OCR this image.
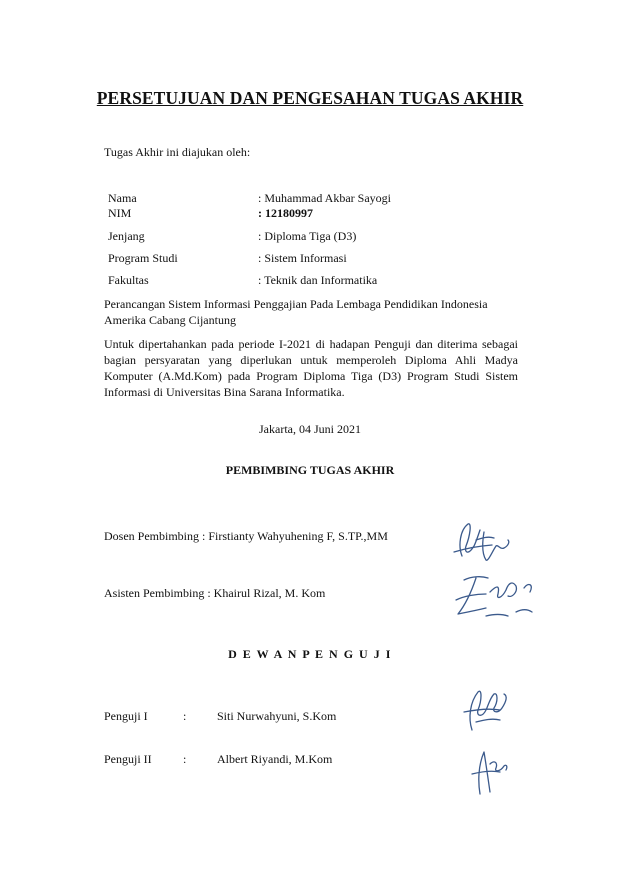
PERSETUJUAN DAN PENGESAHAN TUGAS AKHIR
Tugas Akhir ini diajukan oleh:
Nama	: Muhammad Akbar Sayogi
NIM	: 12180997
Jenjang	: Diploma Tiga (D3)
Program Studi	: Sistem Informasi
Fakultas	: Teknik dan Informatika
Perancangan Sistem Informasi Penggajian Pada Lembaga Pendidikan Indonesia Amerika Cabang Cijantung
Untuk dipertahankan pada periode I-2021 di hadapan Penguji dan diterima sebagai bagian persyaratan yang diperlukan untuk memperoleh Diploma Ahli Madya Komputer (A.Md.Kom) pada Program Diploma Tiga (D3) Program Studi Sistem Informasi di Universitas Bina Sarana Informatika.
Jakarta, 04 Juni 2021
PEMBIMBING TUGAS AKHIR
Dosen Pembimbing : Firstianty Wahyuhening F, S.TP.,MM
Asisten Pembimbing : Khairul Rizal, M. Kom
D E W A N P E N G U J I
Penguji I	:	Siti Nurwahyuni, S.Kom
Penguji II	:	Albert Riyandi, M.Kom
